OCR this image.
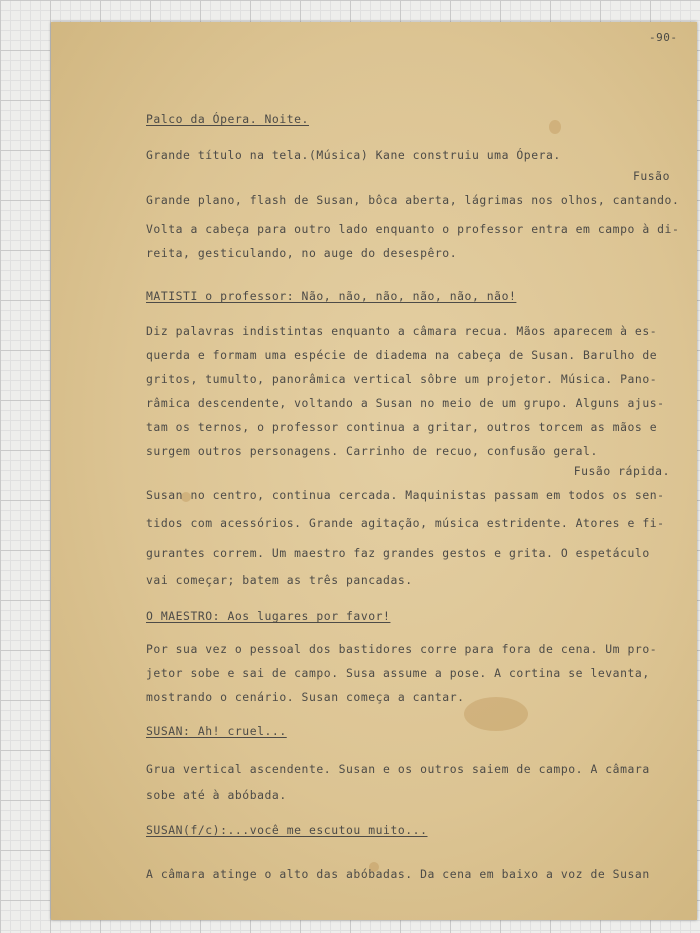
-90-
Palco da Ópera. Noite.
Grande título na tela.(Música) Kane construiu uma Ópera.
Fusão
Grande plano, flash de Susan, bôca aberta, lágrimas nos olhos, cantando.
Volta a cabeça para outro lado enquanto o professor entra em campo à di-
reita, gesticulando, no auge do desespêro.
MATISTI o professor: Não, não, não, não, não, não!
Diz palavras indistintas enquanto a câmara recua. Mãos aparecem à es-
querda e formam uma espécie de diadema na cabeça de Susan. Barulho de
gritos, tumulto, panorâmica vertical sôbre um projetor. Música. Pano-
râmica descendente, voltando a Susan no meio de um grupo. Alguns ajus-
tam os ternos, o professor continua a gritar, outros torcem as mãos e
surgem outros personagens. Carrinho de recuo, confusão geral.
Fusão rápida.
Susan no centro, continua cercada. Maquinistas passam em todos os sen-
tidos com acessórios. Grande agitação, música estridente. Atores e fi-
gurantes correm. Um maestro faz grandes gestos e grita. O espetáculo
vai começar; batem as três pancadas.
O MAESTRO: Aos lugares por favor!
Por sua vez o pessoal dos bastidores corre para fora de cena. Um pro-
jetor sobe e sai de campo. Susa assume a pose. A cortina se levanta,
mostrando o cenário. Susan começa a cantar.
SUSAN: Ah! cruel...
Grua vertical ascendente. Susan e os outros saiem de campo. A câmara
sobe até à abóbada.
SUSAN(f/c):...você me escutou muito...
A câmara atinge o alto das abóbadas. Da cena em baixo a voz de Susan
